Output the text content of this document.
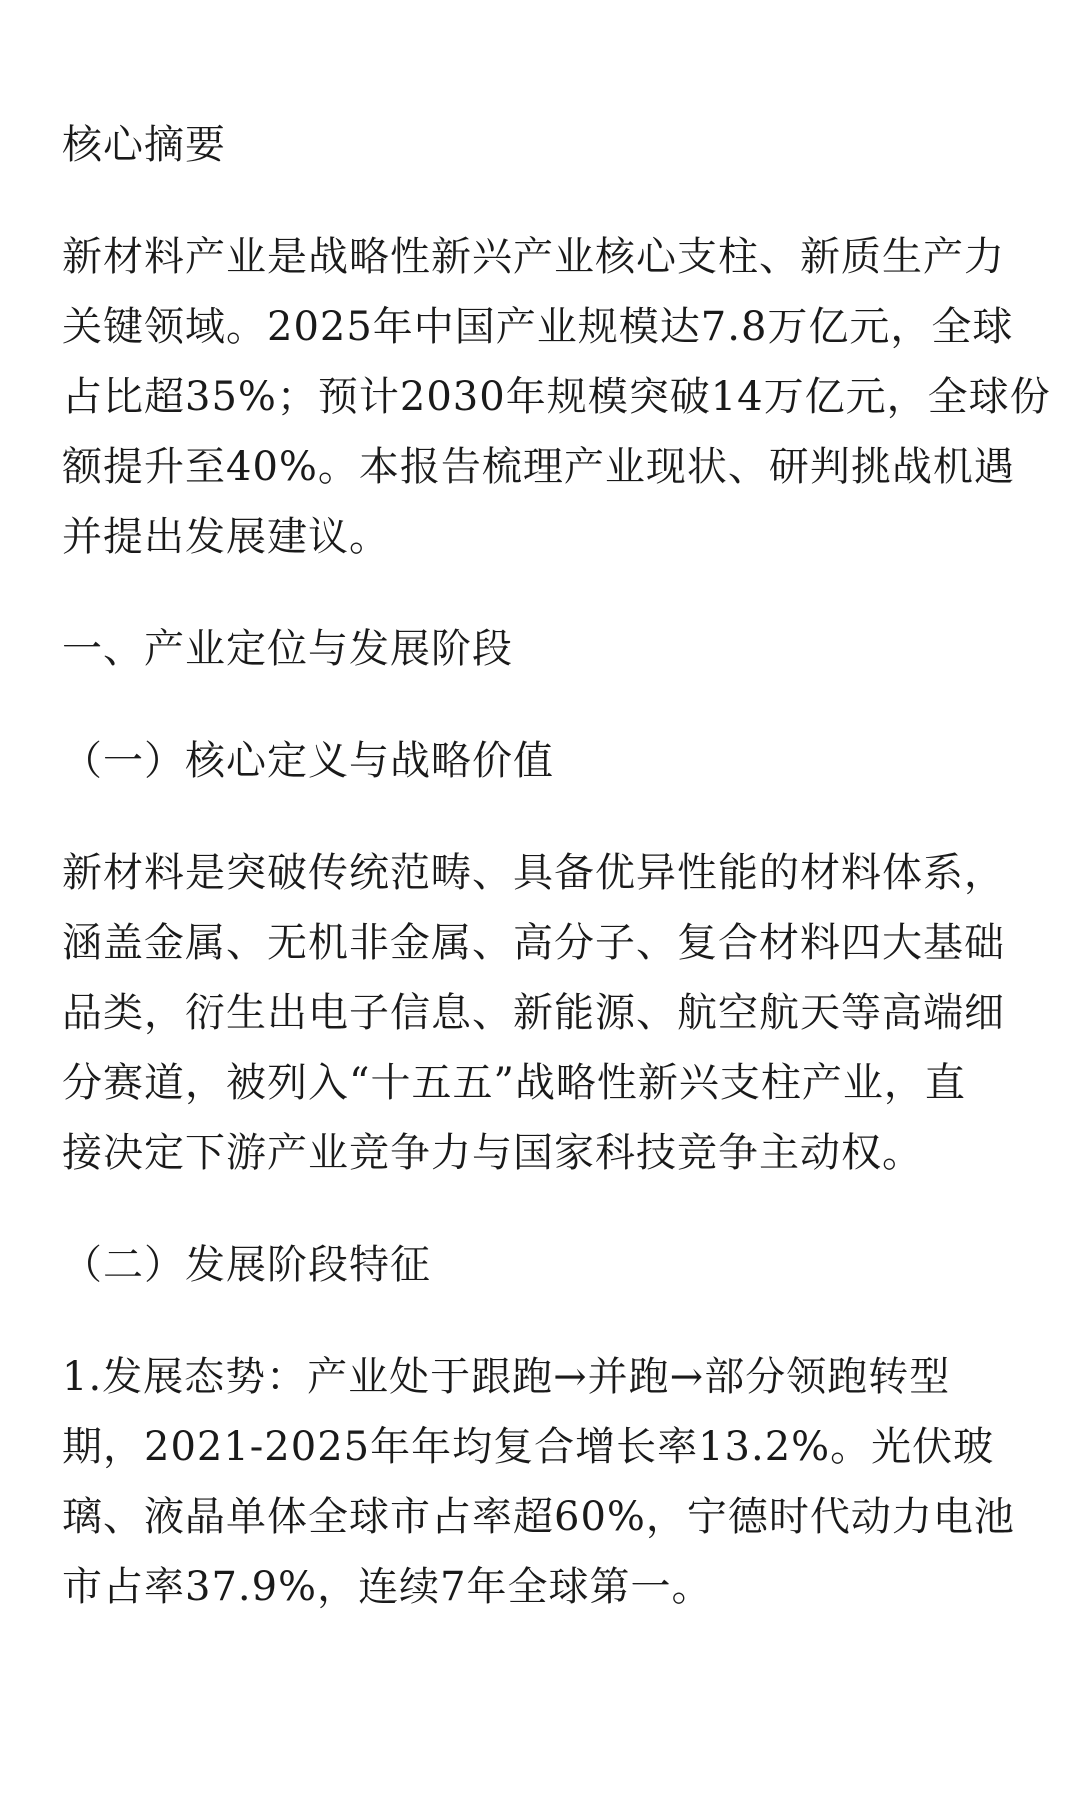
核心摘要

新材料产业是战略性新兴产业核心支柱、新质生产力
关键领域。2025年中国产业规模达7.8万亿元，全球
占比超35%；预计2030年规模突破14万亿元，全球份
额提升至40%。本报告梳理产业现状、研判挑战机遇
并提出发展建议。

一、产业定位与发展阶段

（一）核心定义与战略价值

新材料是突破传统范畴、具备优异性能的材料体系，
涵盖金属、无机非金属、高分子、复合材料四大基础
品类，衍生出电子信息、新能源、航空航天等高端细
分赛道，被列入“十五五”战略性新兴支柱产业，直
接决定下游产业竞争力与国家科技竞争主动权。

（二）发展阶段特征

1.发展态势：产业处于跟跑→并跑→部分领跑转型
期，2021-2025年年均复合增长率13.2%。光伏玻
璃、液晶单体全球市占率超60%，宁德时代动力电池
市占率37.9%，连续7年全球第一。
